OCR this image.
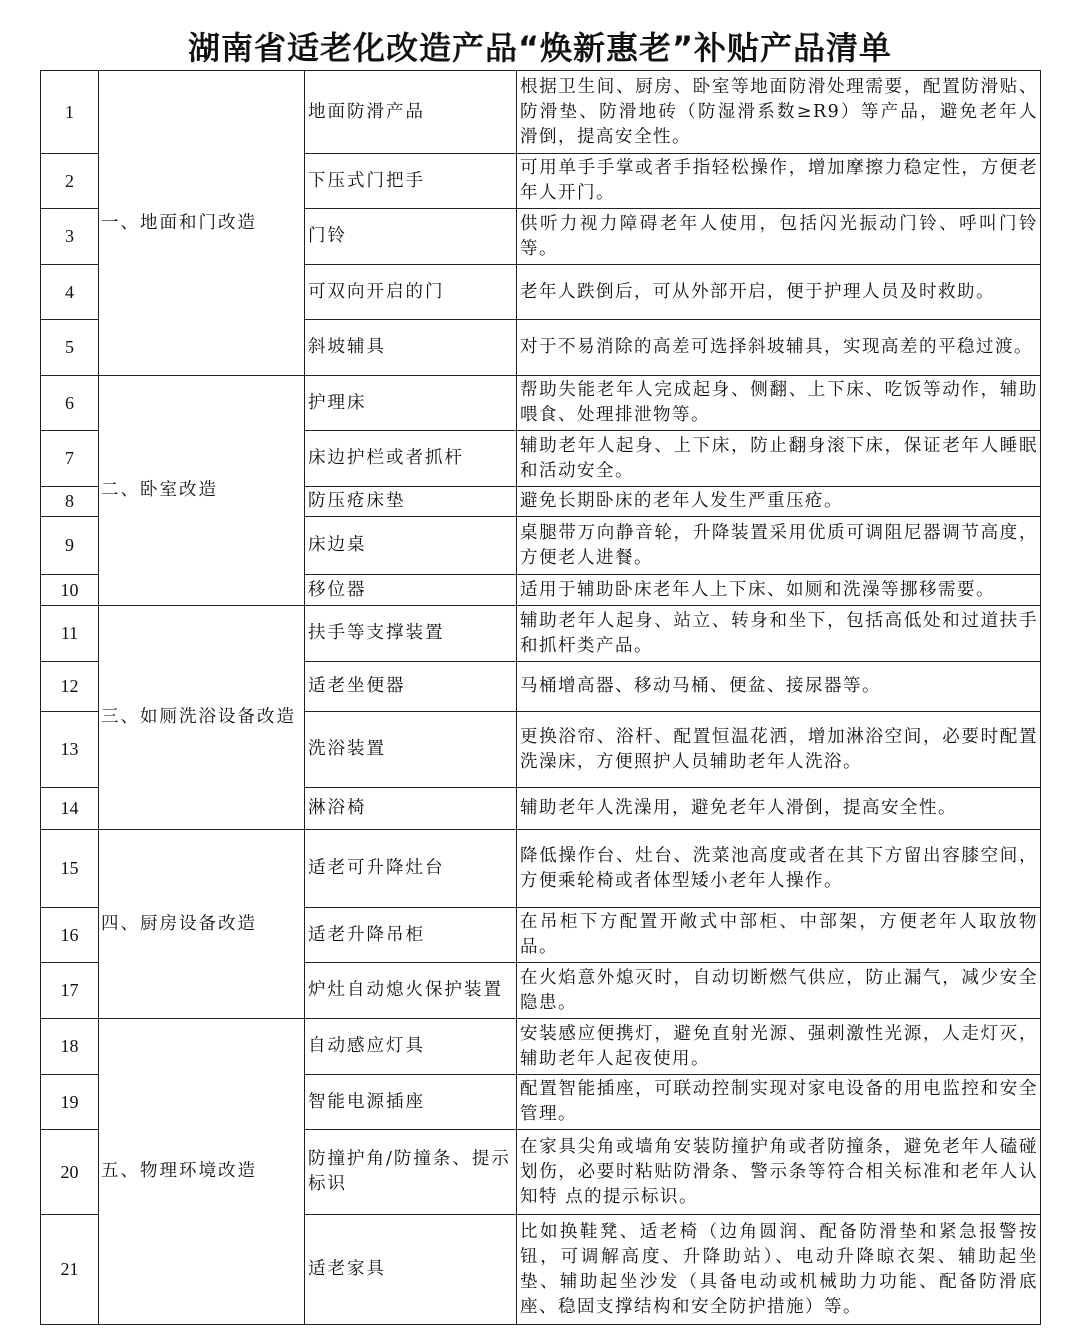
湖南省适老化改造产品“焕新惠老”补贴产品清单
1	一、地面和门改造	地面防滑产品	根据卫生间、厨房、卧室等地面防滑处理需要，配置防滑贴、防滑垫、防滑地砖（防湿滑系数≥R9）等产品，避免老年人滑倒，提高安全性。
2		下压式门把手	可用单手手掌或者手指轻松操作，增加摩擦力稳定性，方便老年人开门。
3		门铃	供听力视力障碍老年人使用，包括闪光振动门铃、呼叫门铃等。
4		可双向开启的门	老年人跌倒后，可从外部开启，便于护理人员及时救助。
5		斜坡辅具	对于不易消除的高差可选择斜坡辅具，实现高差的平稳过渡。
6	二、卧室改造	护理床	帮助失能老年人完成起身、侧翻、上下床、吃饭等动作，辅助喂食、处理排泄物等。
7		床边护栏或者抓杆	辅助老年人起身、上下床，防止翻身滚下床，保证老年人睡眠和活动安全。
8		防压疮床垫	避免长期卧床的老年人发生严重压疮。
9		床边桌	桌腿带万向静音轮，升降装置采用优质可调阻尼器调节高度，方便老人进餐。
10		移位器	适用于辅助卧床老年人上下床、如厕和洗澡等挪移需要。
11	三、如厕洗浴设备改造	扶手等支撑装置	辅助老年人起身、站立、转身和坐下，包括高低处和过道扶手和抓杆类产品。
12		适老坐便器	马桶增高器、移动马桶、便盆、接尿器等。
13		洗浴装置	更换浴帘、浴杆、配置恒温花洒，增加淋浴空间，必要时配置洗澡床，方便照护人员辅助老年人洗浴。
14		淋浴椅	辅助老年人洗澡用，避免老年人滑倒，提高安全性。
15	四、厨房设备改造	适老可升降灶台	降低操作台、灶台、洗菜池高度或者在其下方留出容膝空间，方便乘轮椅或者体型矮小老年人操作。
16		适老升降吊柜	在吊柜下方配置开敞式中部柜、中部架，方便老年人取放物品。
17		炉灶自动熄火保护装置	在火焰意外熄灭时，自动切断燃气供应，防止漏气，减少安全隐患。
18	五、物理环境改造	自动感应灯具	安装感应便携灯，避免直射光源、强刺激性光源，人走灯灭，辅助老年人起夜使用。
19		智能电源插座	配置智能插座，可联动控制实现对家电设备的用电监控和安全管理。
20		防撞护角/防撞条、提示标识	在家具尖角或墙角安装防撞护角或者防撞条，避免老年人磕碰划伤，必要时粘贴防滑条、警示条等符合相关标准和老年人认知特 点的提示标识。
21		适老家具	比如换鞋凳、适老椅（边角圆润、配备防滑垫和紧急报警按钮，可调解高度、升降助站）、电动升降晾衣架、辅助起坐垫、辅助起坐沙发（具备电动或机械助力功能、配备防滑底座、稳固支撑结构和安全防护措施）等。
